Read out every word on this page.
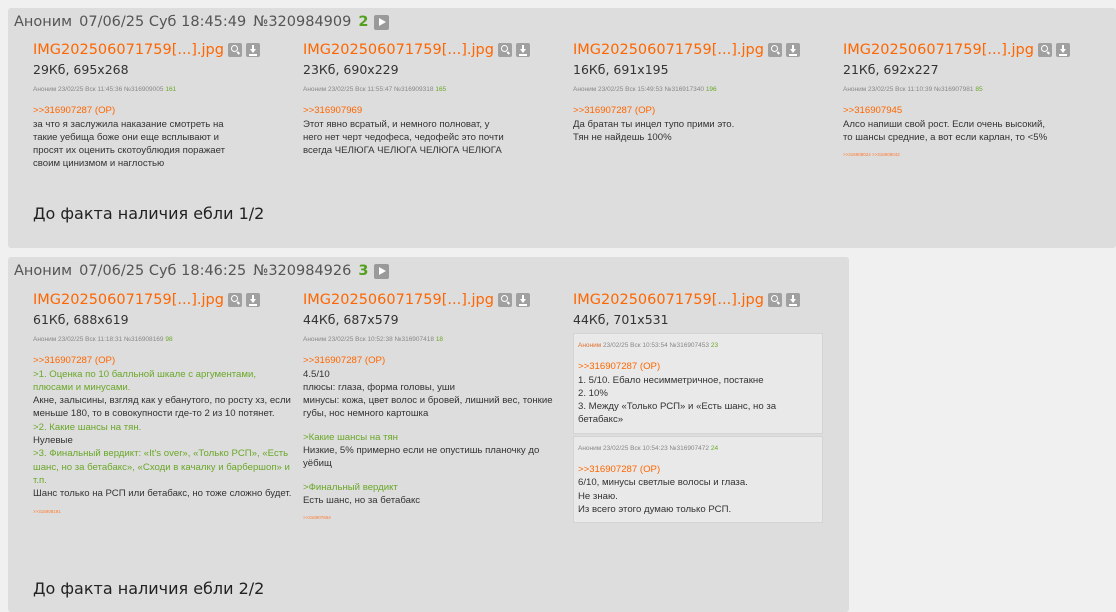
Аноним 07/06/25 Суб 18:45:49 №320984909 2
IMG202506071759[...].jpg
29Кб, 695x268
Аноним 23/02/25 Вск 11:45:36 №316909005 161
>>316907287 (OP)

за что я заслужила наказание смотреть на

такие уебища боже они еще всплывают и

просят их оценить скотоублюдия поражает

своим цинизмом и наглостью

IMG202506071759[...].jpg
23Кб, 690x229
Аноним 23/02/25 Вск 11:55:47 №316909318 165
>>316907969

Этот явно всратый, и немного полноват, у

него нет черт чедофеса, чедофейс это почти

всегда ЧЕЛЮГА ЧЕЛЮГА ЧЕЛЮГА ЧЕЛЮГА

IMG202506071759[...].jpg
16Кб, 691x195
Аноним 23/02/25 Вск 15:49:53 №316917340 196
>>316907287 (OP)

Да братан ты инцел тупо прими это.

Тян не найдешь 100%

IMG202506071759[...].jpg
21Кб, 692x227
Аноним 23/02/25 Вск 11:10:39 №316907981 85
>>316907945

Алсо напиши свой рост. Если очень высокий,

то шансы средние, а вот если карлан, то <5%

>>316908024 >>316908042
До факта наличия ебли 1/2
Аноним 07/06/25 Суб 18:46:25 №320984926 3
IMG202506071759[...].jpg
61Кб, 688x619
Аноним 23/02/25 Вск 11:18:31 №316908169 98
>>316907287 (OP)

>1. Оценка по 10 балльной шкале с аргументами, плюсами и минусами.

Акне, залысины, взгляд как у ебанутого, по росту хз, если меньше 180, то в совокупности где-то 2 из 10 потянет.

>2. Какие шансы на тян.

Нулевые

>3. Финальный вердикт: «It's over», «Только РСП», «Есть шанс, но за бетабакс», «Сходи в качалку и барбершоп» и т.п.

Шанс только на РСП или бетабакс, но тоже сложно будет.

>>316908191
IMG202506071759[...].jpg
44Кб, 687x579
Аноним 23/02/25 Вск 10:52:38 №316907418 18
>>316907287 (OP)

4.5/10

плюсы: глаза, форма головы, уши

минусы: кожа, цвет волос и бровей, лишний вес, тонкие губы, нос немного картошка

>Какие шансы на тян

Низкие, 5% примерно если не опустишь планочку до уёбищ

>Финальный вердикт

Есть шанс, но за бетабакс

>>316907654
IMG202506071759[...].jpg
44Кб, 701x531
Аноним 23/02/25 Вск 10:53:54 №316907453 23
>>316907287 (OP)

1. 5/10. Ебало несимметричное, постакне

2. 10%

3. Между «Только РСП» и «Есть шанс, но за бетабакс»

Аноним 23/02/25 Вск 10:54:23 №316907472 24
>>316907287 (OP)

6/10, минусы светлые волосы и глаза.

Не знаю.

Из всего этого думаю только РСП.

До факта наличия ебли 2/2
